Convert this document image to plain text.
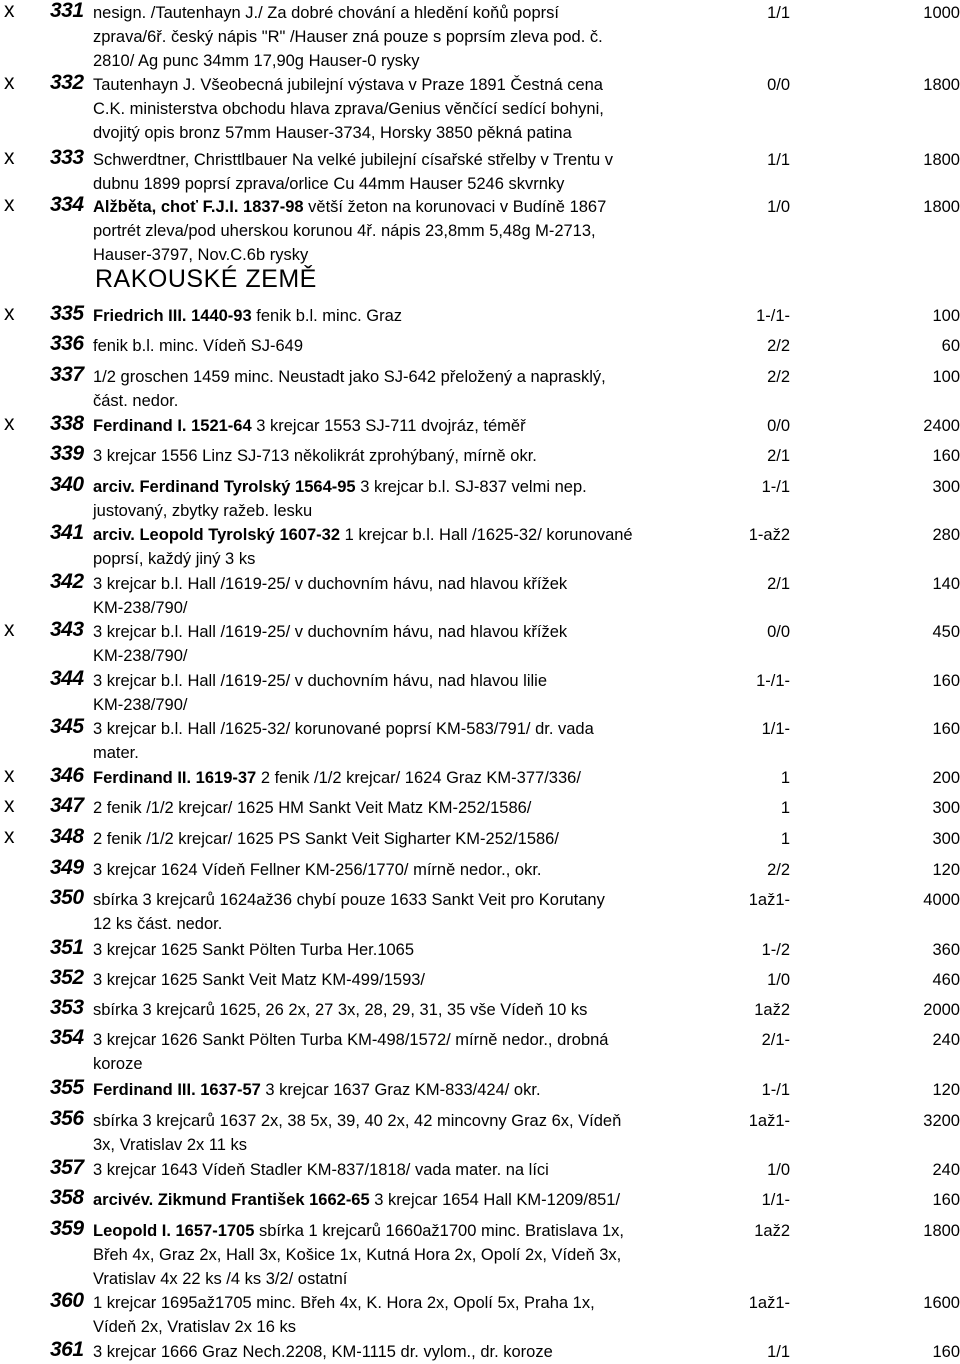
RAKOUSKÉ ZEMĚ
x 331 nesign. /Tautenhayn J./ Za dobré chování a hledění koňů poprsí
zprava/6ř. český nápis "R" /Hauser zná pouze s poprsím zleva pod. č.
2810/ Ag punc 34mm 17,90g Hauser-0 rysky
1/1	1000
x 332 Tautenhayn J. Všeobecná jubilejní výstava v Praze 1891 Čestná cena
C.K. ministerstva obchodu hlava zprava/Genius věnčící sedící bohyni,
dvojitý opis bronz 57mm Hauser-3734, Horsky 3850 pěkná patina
0/0	1800
x 333 Schwerdtner, Christtlbauer Na velké jubilejní císařské střelby v Trentu v
dubnu 1899 poprsí zprava/orlice Cu 44mm Hauser 5246 skvrnky
1/1	1800
x 334 Alžběta, choť F.J.I. 1837-98 větší žeton na korunovaci v Budíně 1867
portrét zleva/pod uherskou korunou 4ř. nápis 23,8mm 5,48g M-2713,
Hauser-3797, Nov.C.6b rysky
1/0	1800
x 335 Friedrich III. 1440-93 fenik b.l. minc. Graz	1-/1-	100
336 fenik b.l. minc. Vídeň SJ-649	2/2	60
337 1/2 groschen 1459 minc. Neustadt jako SJ-642 přeložený a naprasklý,
část. nedor.
2/2	100
x 338 Ferdinand I. 1521-64 3 krejcar 1553 SJ-711 dvojráz, téměř	0/0	2400
339 3 krejcar 1556 Linz SJ-713 několikrát zprohýbaný, mírně okr.	2/1	160
340 arciv. Ferdinand Tyrolský 1564-95 3 krejcar b.l. SJ-837 velmi nep.
justovaný, zbytky ražeb. lesku
1-/1	300
341 arciv. Leopold Tyrolský 1607-32 1 krejcar b.l. Hall /1625-32/ korunované
poprsí, každý jiný 3 ks
1-až2	280
342 3 krejcar b.l. Hall /1619-25/ v duchovním hávu, nad hlavou křížek
KM-238/790/
2/1	140
x 343 3 krejcar b.l. Hall /1619-25/ v duchovním hávu, nad hlavou křížek
KM-238/790/
0/0	450
344 3 krejcar b.l. Hall /1619-25/ v duchovním hávu, nad hlavou lilie
KM-238/790/
1-/1-	160
345 3 krejcar b.l. Hall /1625-32/ korunované poprsí KM-583/791/ dr. vada
mater.
1/1-	160
x 346 Ferdinand II. 1619-37 2 fenik /1/2 krejcar/ 1624 Graz KM-377/336/	1	200
x 347 2 fenik /1/2 krejcar/ 1625 HM Sankt Veit Matz KM-252/1586/	1	300
x 348 2 fenik /1/2 krejcar/ 1625 PS Sankt Veit Sigharter KM-252/1586/	1	300
349 3 krejcar 1624 Vídeň Fellner KM-256/1770/ mírně nedor., okr.	2/2	120
350 sbírka 3 krejcarů 1624až36 chybí pouze 1633 Sankt Veit pro Korutany
12 ks část. nedor.
1až1-	4000
351 3 krejcar 1625 Sankt Pölten Turba Her.1065	1-/2	360
352 3 krejcar 1625 Sankt Veit Matz KM-499/1593/	1/0	460
353 sbírka 3 krejcarů 1625, 26 2x, 27 3x, 28, 29, 31, 35 vše Vídeň 10 ks	1až2	2000
354 3 krejcar 1626 Sankt Pölten Turba KM-498/1572/ mírně nedor., drobná
koroze
2/1-	240
355 Ferdinand III. 1637-57 3 krejcar 1637 Graz KM-833/424/ okr.	1-/1	120
356 sbírka 3 krejcarů 1637 2x, 38 5x, 39, 40 2x, 42 mincovny Graz 6x, Vídeň
3x, Vratislav 2x 11 ks
1až1-	3200
357 3 krejcar 1643 Vídeň Stadler KM-837/1818/ vada mater. na líci	1/0	240
358 arcivév. Zikmund František 1662-65 3 krejcar 1654 Hall KM-1209/851/	1/1-	160
359 Leopold I. 1657-1705 sbírka 1 krejcarů 1660až1700 minc. Bratislava 1x,
Břeh 4x, Graz 2x, Hall 3x, Košice 1x, Kutná Hora 2x, Opolí 2x, Vídeň 3x,
Vratislav 4x 22 ks /4 ks 3/2/ ostatní
1až2	1800
360 1 krejcar 1695až1705 minc. Břeh 4x, K. Hora 2x, Opolí 5x, Praha 1x,
Vídeň 2x, Vratislav 2x 16 ks
1až1-	1600
361 3 krejcar 1666 Graz Nech.2208, KM-1115 dr. vylom., dr. koroze	1/1	160
